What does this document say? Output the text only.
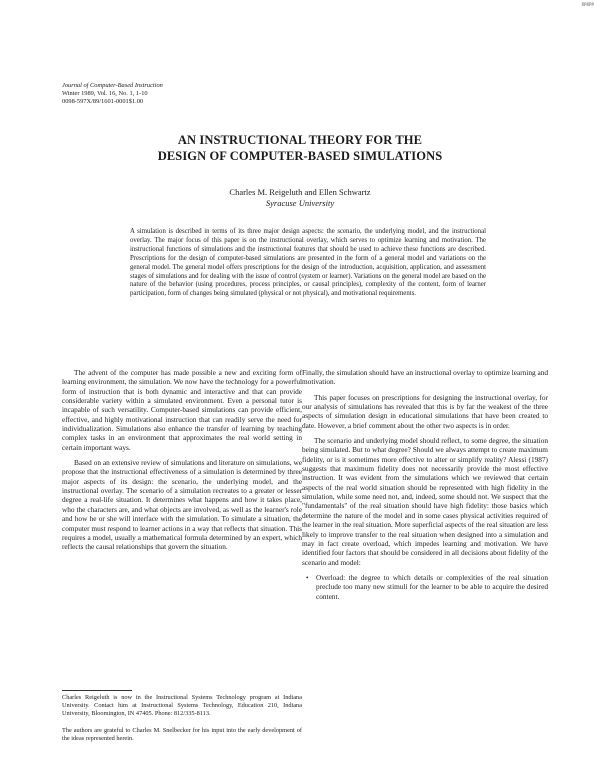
gpgpp
Journal of Computer-Based Instruction
Winter 1989, Vol. 16, No. 1, 1-10
0098-597X/89/1601-0001$1.00
AN INSTRUCTIONAL THEORY FOR THE
DESIGN OF COMPUTER-BASED SIMULATIONS
Charles M. Reigeluth and Ellen Schwartz
Syracuse University
A simulation is described in terms of its three major design aspects: the scenario, the underlying model, and the instructional overlay. The major focus of this paper is on the instructional overlay, which serves to optimize learning and motivation. The instructional functions of simulations and the instructional features that should be used to achieve these functions are described. Prescriptions for the design of computer-based simulations are presented in the form of a general model and variations on the general model. The general model offers prescriptions for the design of the introduction, acquisition, application, and assessment stages of simulations and for dealing with the issue of control (system or learner). Variations on the general model are based on the nature of the behavior (using procedures, process principles, or causal principles), complexity of the content, form of learner participation, form of changes being simulated (physical or not physical), and motivational requirements.

The advent of the computer has made possible a new and exciting form of learning environment, the simulation. We now have the technology for a powerful form of instruction that is both dynamic and interactive and that can provide considerable variety within a simulated environment. Even a personal tutor is incapable of such versatility. Computer-based simulations can provide efficient, effective, and highly motivational instruction that can readily serve the need for individualization. Simulations also enhance the transfer of learning by teaching complex tasks in an environment that approximates the real world setting in certain important ways.

Based on an extensive review of simulations and literature on simulations, we propose that the instructional effectiveness of a simulation is determined by three major aspects of its design: the scenario, the underlying model, and the instructional overlay. The scenario of a simulation recreates to a greater or lesser degree a real-life situation. It determines what happens and how it takes place, who the characters are, and what objects are involved, as well as the learner's role and how he or she will interface with the simulation. To simulate a situation, the computer must respond to learner actions in a way that reflects that situation. This requires a model, usually a mathematical formula determined by an expert, which reflects the causal relationships that govern the situation.

Finally, the simulation should have an instructional overlay to optimize learning and motivation.

This paper focuses on prescriptions for designing the instructional overlay, for our analysis of simulations has revealed that this is by far the weakest of the three aspects of simulation design in educational simulations that have been created to date. However, a brief comment about the other two aspects is in order.

The scenario and underlying model should reflect, to some degree, the situation being simulated. But to what degree? Should we always attempt to create maximum fidelity, or is it sometimes more effective to alter or simplify reality? Alessi (1987) suggests that maximum fidelity does not necessarily provide the most effective instruction. It was evident from the simulations which we reviewed that certain aspects of the real world situation should be represented with high fidelity in the simulation, while some need not, and, indeed, some should not. We suspect that the "fundamentals" of the real situation should have high fidelity: those basics which determine the nature of the model and in some cases physical activities required of the learner in the real situation. More superficial aspects of the real situation are less likely to improve transfer to the real situation when designed into a simulation and may in fact create overload, which impedes learning and motivation. We have identified four factors that should be considered in all decisions about fidelity of the scenario and model:

• Overload: the degree to which details or complexities of the real situation preclude too many new stimuli for the learner to be able to acquire the desired content.

Charles Reigeluth is now in the Instructional Systems Technology program at Indiana University. Contact him at Instructional Systems Technology, Education 210, Indiana University, Bloomington, IN 47405. Phone: 812/335-8113.
The authors are grateful to Charles M. Snelbecker for his input into the early development of the ideas represented herein.
